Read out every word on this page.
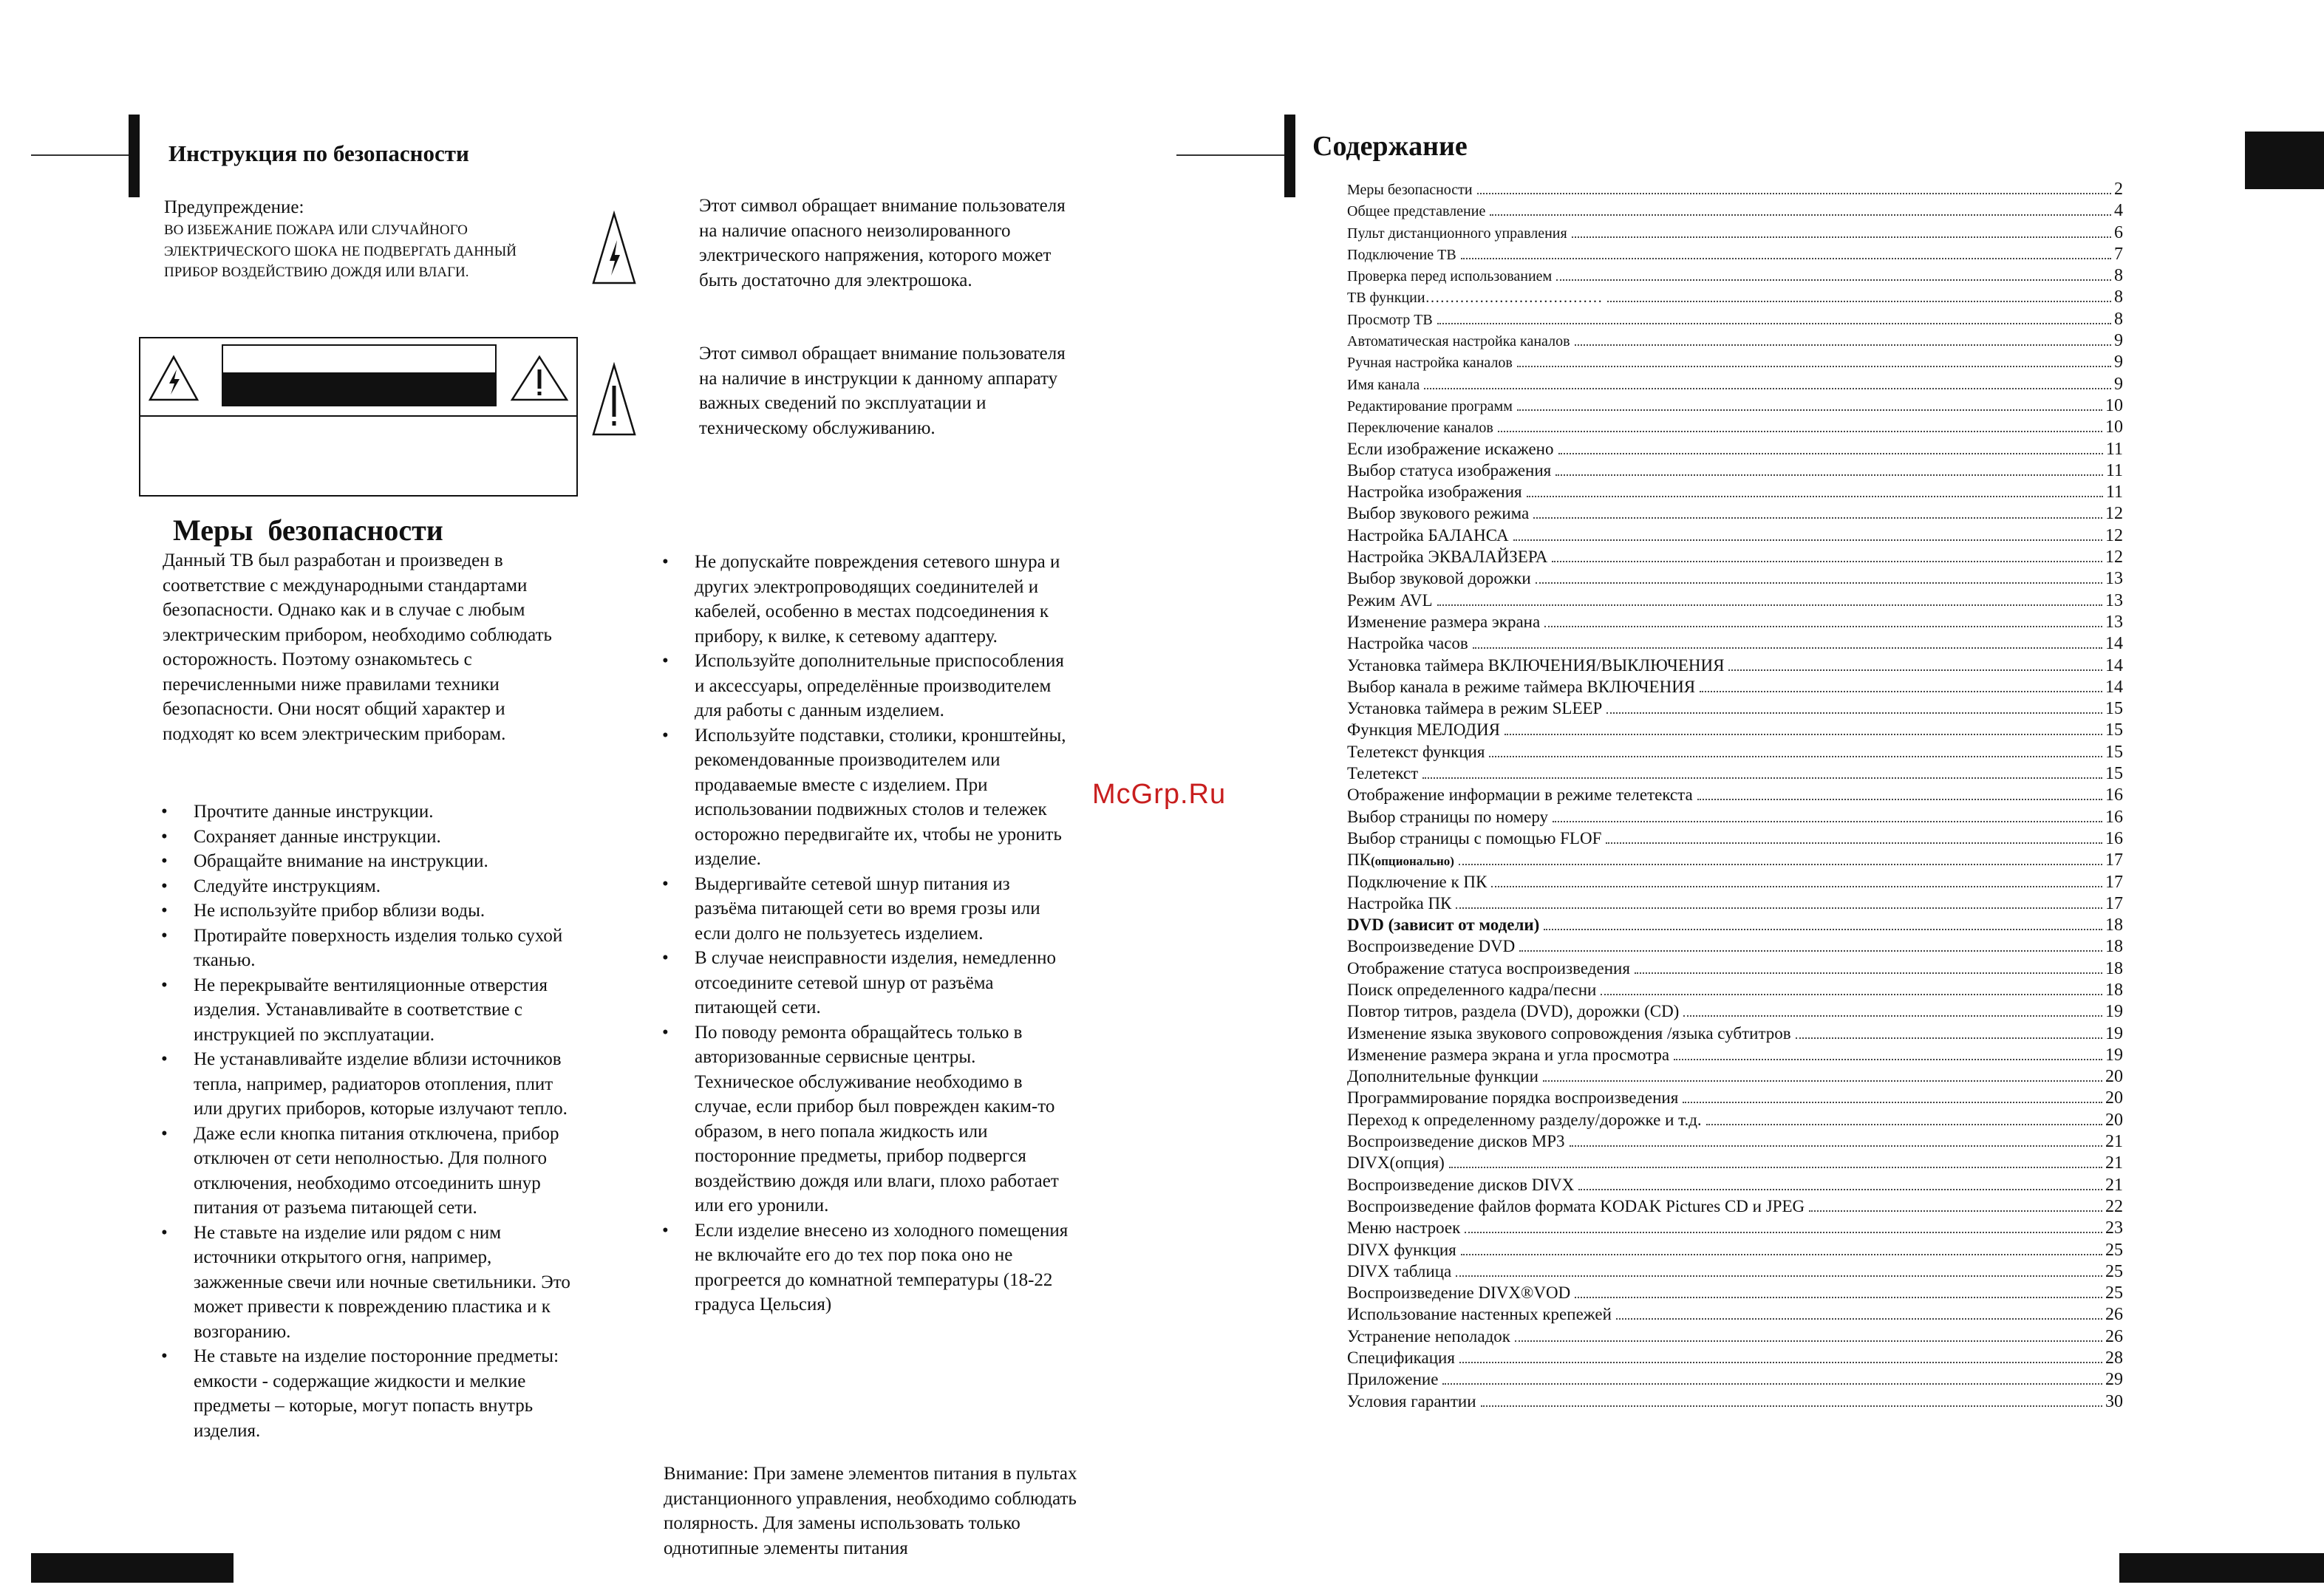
Инструкция по безопасности
Предупреждение:
ВО ИЗБЕЖАНИЕ ПОЖАРА ИЛИ СЛУЧАЙНОГО ЭЛЕКТРИЧЕСКОГО ШОКА НЕ ПОДВЕРГАТЬ ДАННЫЙ ПРИБОР ВОЗДЕЙСТВИЮ ДОЖДЯ ИЛИ ВЛАГИ.
Этот символ обращает внимание пользователя на наличие опасного неизолированного электрического напряжения, которого может быть достаточно для электрошока.
Этот символ обращает внимание пользователя на наличие в инструкции к данному аппарату важных сведений по эксплуатации и техническому обслуживанию.
Меры  безопасности
Данный ТВ был разработан и произведен в соответствие с международными стандартами безопасности. Однако как и в случае с любым электрическим прибором, необходимо соблюдать осторожность. Поэтому ознакомьтесь с перечисленными ниже правилами техники безопасности. Они носят общий характер и подходят ко всем электрическим приборам.
• Прочтите данные инструкции.
• Сохраняет данные инструкции.
• Обращайте внимание на инструкции.
• Следуйте инструкциям.
• Не используйте прибор вблизи воды.
• Протирайте поверхность изделия только сухой тканью.
• Не перекрывайте вентиляционные отверстия изделия. Устанавливайте в соответствие с инструкцией по эксплуатации.
• Не устанавливайте изделие вблизи источников тепла, например, радиаторов отопления, плит или других приборов, которые излучают тепло.
• Даже если кнопка питания отключена, прибор отключен от сети неполностью. Для полного отключения, необходимо отсоединить шнур питания от разъема питающей сети.
• Не ставьте на изделие или рядом с ним источники открытого огня, например, зажженные свечи или ночные светильники. Это может привести к повреждению пластика и к возгоранию.
• Не ставьте на изделие посторонние предметы: емкости - содержащие жидкости и мелкие предметы – которые, могут попасть внутрь изделия.
• Не допускайте повреждения сетевого шнура и других электропроводящих соединителей и кабелей, особенно в местах подсоединения к прибору, к вилке, к сетевому адаптеру.
• Используйте дополнительные приспособления и аксессуары, определённые производителем для работы с данным изделием.
• Используйте подставки, столики, кронштейны, рекомендованные производителем или продаваемые вместе с изделием. При использовании подвижных столов и тележек осторожно передвигайте их, чтобы не уронить изделие.
• Выдергивайте сетевой шнур питания из разъёма питающей сети во время грозы или если долго не пользуетесь изделием.
• В случае неисправности изделия, немедленно отсоедините сетевой шнур от разъёма питающей сети.
• По поводу ремонта обращайтесь только в авторизованные сервисные центры. Техническое обслуживание необходимо в случае, если прибор был поврежден каким-то образом, в него попала жидкость или посторонние предметы, прибор подвергся воздействию дождя или влаги, плохо работает или его уронили.
• Если изделие внесено из холодного помещения не включайте его до тех пор пока оно не прогреется до комнатной температуры (18-22 градуса Цельсия)
Внимание: При замене элементов питания в пультах дистанционного управления, необходимо соблюдать полярность. Для замены использовать только однотипные элементы питания
McGrp.Ru
Содержание
Меры безопасности	2
Общее представление	4
Пульт дистанционного управления	6
Подключение ТВ	7
Проверка перед использованием	8
ТВ функции………………………………	8
Просмотр ТВ	8
Автоматическая настройка каналов	9
Ручная настройка каналов	9
Имя канала	9
Редактирование программ	10
Переключение каналов	10
Если изображение искажено	11
Выбор статуса изображения	11
Настройка изображения	11
Выбор звукового режима	12
Настройка БАЛАНСА	12
Настройка ЭКВАЛАЙЗЕРА	12
Выбор звуковой дорожки	13
Режим AVL	13
Изменение размера экрана	13
Настройка часов	14
Установка таймера ВКЛЮЧЕНИЯ/ВЫКЛЮЧЕНИЯ	14
Выбор канала в режиме таймера ВКЛЮЧЕНИЯ	14
Установка таймера в режим SLEEP	15
Функция МЕЛОДИЯ	15
Телетекст функция	15
Телетекст	15
Отображение информации в режиме телетекста	16
Выбор страницы по номеру	16
Выбор страницы с помощью FLOF	16
ПК (опционально)	17
Подключение к ПК	17
Настройка ПК	17
DVD (зависит от модели)	18
Воспроизведение DVD	18
Отображение статуса воспроизведения	18
Поиск определенного кадра/песни	18
Повтор титров, раздела (DVD), дорожки (CD)	19
Изменение языка звукового сопровождения /языка субтитров	19
Изменение размера экрана и угла просмотра	19
Дополнительные функции	20
Программирование порядка воспроизведения	20
Переход к определенному разделу/дорожке и т.д.	20
Воспроизведение дисков MP3	21
DIVX(опция)	21
Воспроизведение дисков DIVX	21
Воспроизведение файлов формата KODAK Pictures CD и JPEG	22
Меню настроек	23
DIVX функция	25
DIVX таблица	25
Воспроизведение DIVX®VOD	25
Использование настенных крепежей	26
Устранение неполадок	26
Спецификация	28
Приложение	29
Условия гарантии	30
